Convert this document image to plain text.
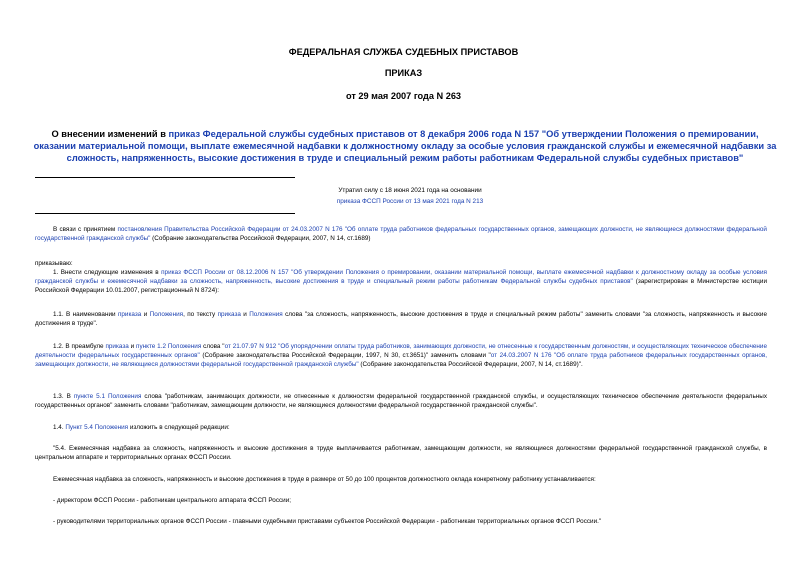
ФЕДЕРАЛЬНАЯ СЛУЖБА СУДЕБНЫХ ПРИСТАВОВ
ПРИКАЗ
от 29 мая 2007 года N 263
О внесении изменений в приказ Федеральной службы судебных приставов от 8 декабря 2006 года N 157 "Об утверждении Положения о премировании, оказании материальной помощи, выплате ежемесячной надбавки к должностному окладу за особые условия гражданской службы и ежемесячной надбавки за сложность, напряженность, высокие достижения в труде и специальный режим работы работникам Федеральной службы судебных приставов"
Утратил силу с 18 июня 2021 года на основании
приказа ФССП России от 13 мая 2021 года N 213
В связи с принятием постановления Правительства Российской Федерации от 24.03.2007 N 176 "Об оплате труда работников федеральных государственных органов, замещающих должности, не являющиеся должностями федеральной государственной гражданской службы" (Собрание законодательства Российской Федерации, 2007, N 14, ст.1689)
приказываю:
1. Внести следующие изменения в приказ ФССП России от 08.12.2006 N 157 "Об утверждении Положения о премировании, оказании материальной помощи, выплате ежемесячной надбавки к должностному окладу за особые условия гражданской службы и ежемесячной надбавки за сложность, напряженность, высокие достижения в труде и специальный режим работы работникам Федеральной службы судебных приставов" (зарегистрирован в Министерстве юстиции Российской Федерации 10.01.2007, регистрационный N 8724):
1.1. В наименовании приказа и Положения, по тексту приказа и Положения слова "за сложность, напряженность, высокие достижения в труде и специальный режим работы" заменить словами "за сложность, напряженность и высокие достижения в труде".
1.2. В преамбуле приказа и пункте 1.2 Положения слова "от 21.07.97 N 912 "Об упорядочении оплаты труда работников, занимающих должности, не отнесенные к государственным должностям, и осуществляющих техническое обеспечение деятельности федеральных государственных органов" (Собрание законодательства Российской Федерации, 1997, N 30, ст.3651)" заменить словами "от 24.03.2007 N 176 "Об оплате труда работников федеральных государственных органов, замещающих должности, не являющиеся должностями федеральной государственной гражданской службы" (Собрание законодательства Российской Федерации, 2007, N 14, ст.1689)".
1.3. В пункте 5.1 Положения слова "работникам, занимающих должности, не отнесенные к должностям федеральной государственной гражданской службы, и осуществляющих техническое обеспечение деятельности федеральных государственных органов" заменить словами "работникам, замещающим должности, не являющиеся должностями федеральной государственной гражданской службы".
1.4. Пункт 5.4 Положения изложить в следующей редакции:
"5.4. Ежемесячная надбавка за сложность, напряженность и высокие достижения в труде выплачивается работникам, замещающим должности, не являющиеся должностями федеральной государственной гражданской службы, в центральном аппарате и территориальных органах ФССП России.
Ежемесячная надбавка за сложность, напряженность и высокие достижения в труде в размере от 50 до 100 процентов должностного оклада конкретному работнику устанавливается:
- директором ФССП России - работникам центрального аппарата ФССП России;
- руководителями территориальных органов ФССП России - главными судебными приставами субъектов Российской Федерации - работникам территориальных органов ФССП России."
